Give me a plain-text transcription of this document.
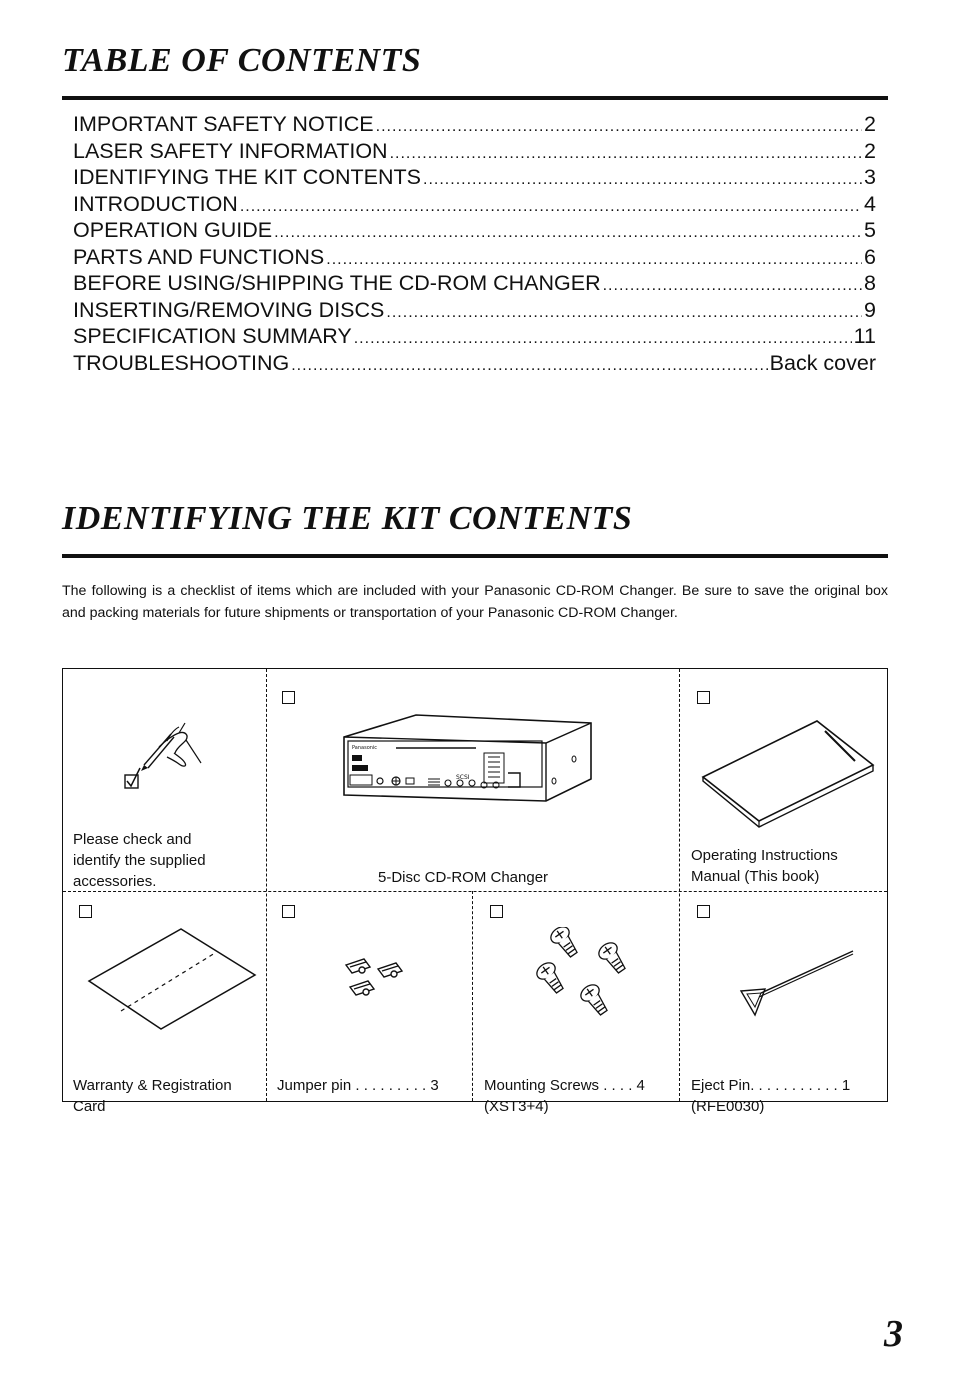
TABLE OF CONTENTS
IMPORTANT SAFETY NOTICE .....	2
LASER SAFETY INFORMATION .....	2
IDENTIFYING THE KIT CONTENTS .....	3
INTRODUCTION .....	4
OPERATION GUIDE .....	5
PARTS AND FUNCTIONS .....	6
BEFORE USING/SHIPPING THE CD-ROM CHANGER .....	8
INSERTING/REMOVING DISCS .....	9
SPECIFICATION SUMMARY .....	11
TROUBLESHOOTING .....	Back cover
IDENTIFYING THE KIT CONTENTS

The following is a checklist of items which are included with your Panasonic CD-ROM Changer. Be sure to save the original box and packing materials for future shipments or transportation of your Panasonic CD-ROM Changer.

Please check and
identify the supplied
accessories.
Panasonic
SCSI
5-Disc CD-ROM Changer
Operating Instructions
Manual (This book)
Warranty & Registration
Card
Jumper pin . . . . . . . . . 3	Mounting Screws . . . . 4
(XST3+4)
Eject Pin. . . . . . . . . . . 1
(RFE0030)
3
